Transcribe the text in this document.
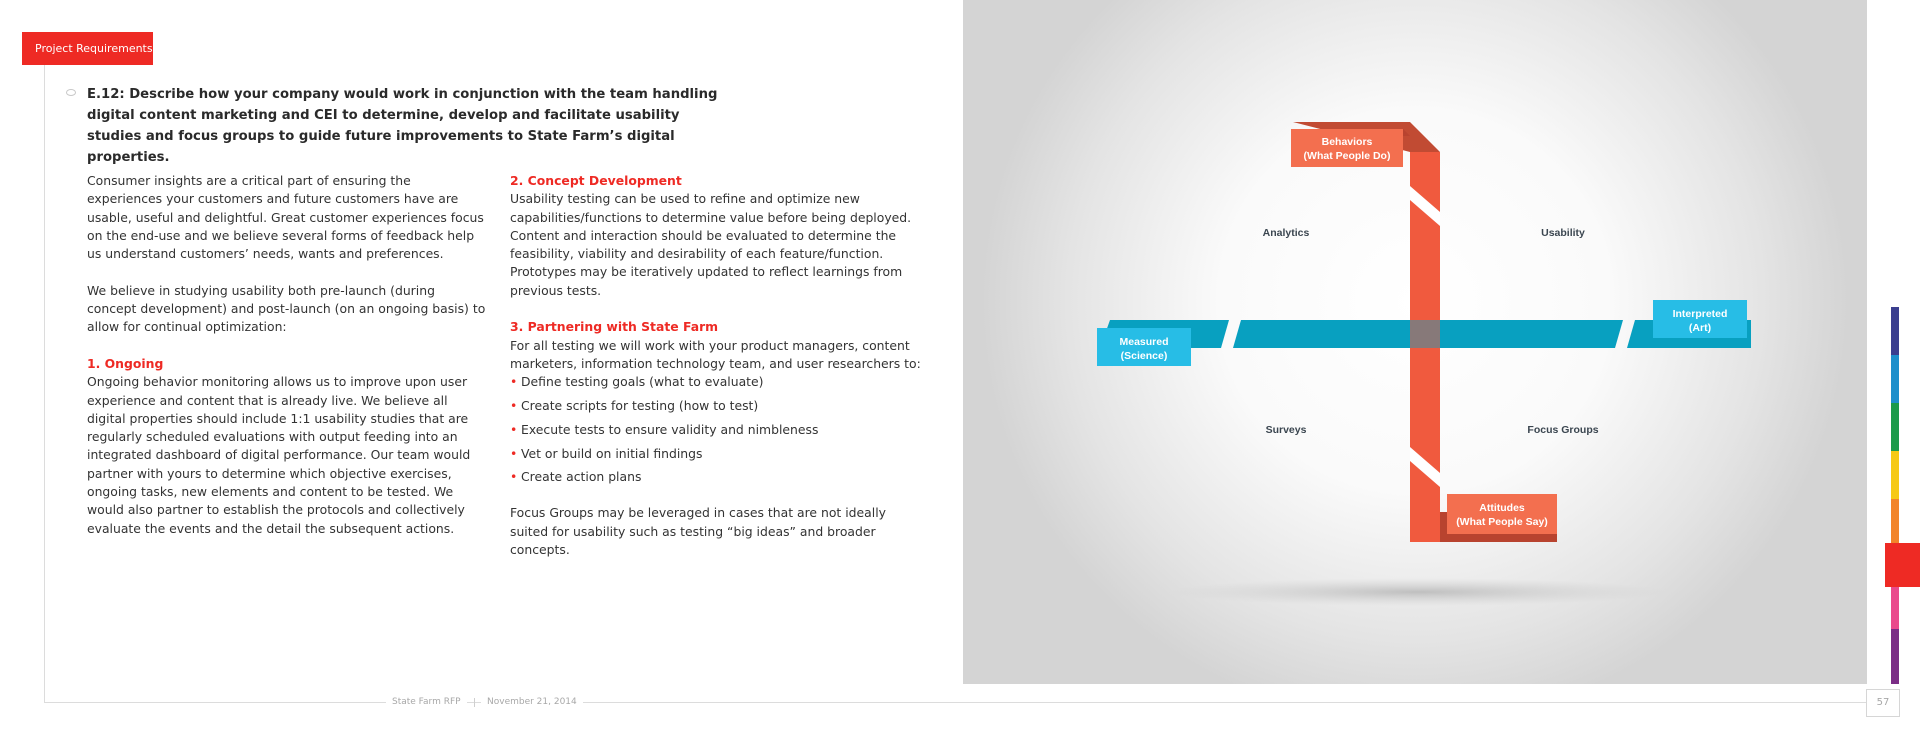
Project Requirements
E.12: Describe how your company would work in conjunction with the team handling digital content marketing and CEI to determine, develop and facilitate usability studies and focus groups to guide future improvements to State Farm’s digital properties.

Consumer insights are a critical part of ensuring the experiences your customers and future customers have are usable, useful and delightful. Great customer experiences focus on the end-use and we believe several forms of feedback help us understand customers’ needs, wants and preferences.

We believe in studying usability both pre-launch (during concept development) and post-launch (on an ongoing basis) to allow for continual optimization:

1. Ongoing

Ongoing behavior monitoring allows us to improve upon user experience and content that is already live. We believe all digital properties should include 1:1 usability studies that are regularly scheduled evaluations with output feeding into an integrated dashboard of digital performance. Our team would partner with yours to determine which objective exercises, ongoing tasks, new elements and content to be tested. We would also partner to establish the protocols and collectively evaluate the events and the detail the subsequent actions.

2. Concept Development

Usability testing can be used to refine and optimize new capabilities/functions to determine value before being deployed. Content and interaction should be evaluated to determine the feasibility, viability and desirability of each feature/function. Prototypes may be iteratively updated to reflect learnings from previous tests.

3. Partnering with State Farm

For all testing we will work with your product managers, content marketers, information technology team, and user researchers to:

• Define testing goals (what to evaluate)
• Create scripts for testing (how to test)
• Execute tests to ensure validity and nimbleness
• Vet or build on initial findings
• Create action plans

Focus Groups may be leveraged in cases that are not ideally suited for usability such as testing “big ideas” and broader concepts.

Behaviors
(What People Do)
Attitudes
(What People Say)
Measured
(Science)
Interpreted
(Art)
Analytics	Usability
Surveys	Focus Groups
State Farm RFP	November 21, 2014	57
